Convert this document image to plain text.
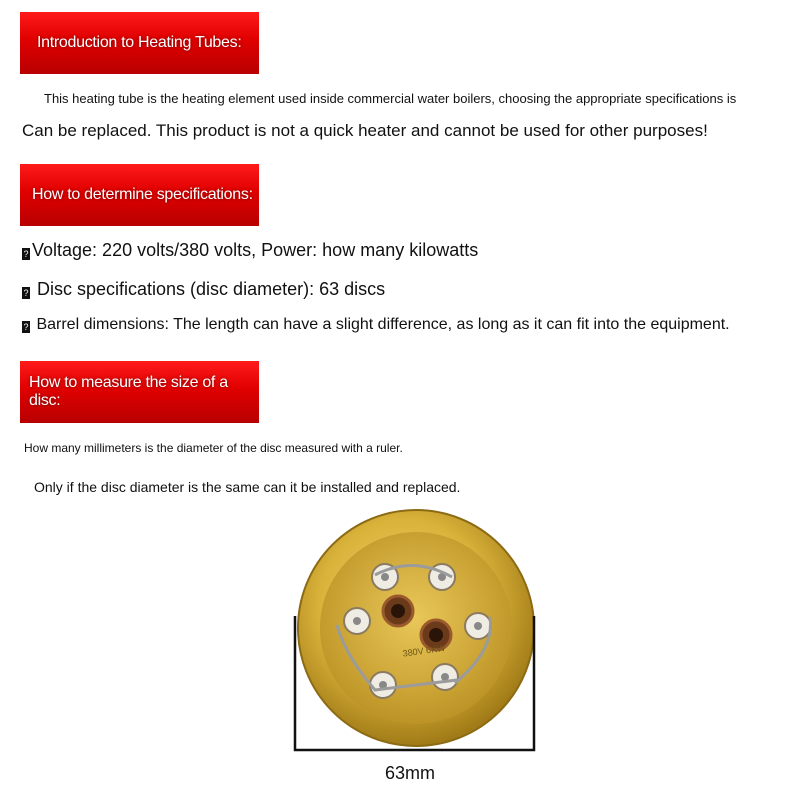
Introduction to Heating Tubes:
This heating tube is the heating element used inside commercial water boilers, choosing the appropriate specifications is
Can be replaced. This product is not a quick heater and cannot be used for other purposes!
How to determine specifications:
? Voltage: 220 volts/380 volts, Power: how many kilowatts
? Disc specifications (disc diameter): 63 discs
? Barrel dimensions: The length can have a slight difference, as long as it can fit into the equipment.
How to measure the size of a disc:
How many millimeters is the diameter of the disc measured with a ruler.
Only if the disc diameter is the same can it be installed and replaced.
380V 6KW
63mm
